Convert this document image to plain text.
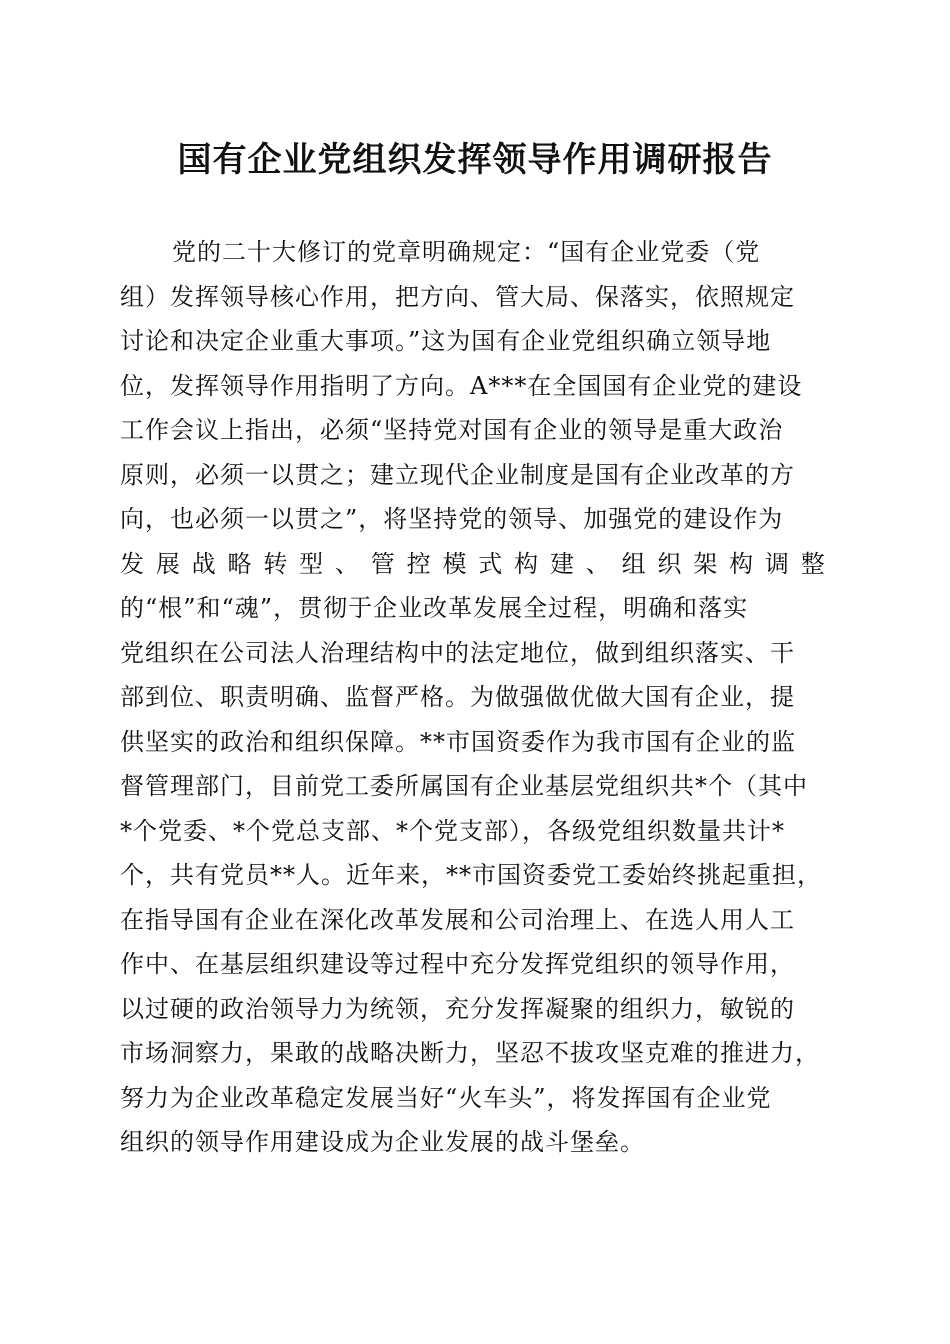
国有企业党组织发挥领导作用调研报告
党的二十大修订的党章明确规定：“国有企业党委（党
组）发挥领导核心作用，把方向、管大局、保落实，依照规定
讨论和决定企业重大事项。”这为国有企业党组织确立领导地
位，发挥领导作用指明了方向。A***在全国国有企业党的建设
工作会议上指出，必须“坚持党对国有企业的领导是重大政治
原则，必须一以贯之；建立现代企业制度是国有企业改革的方
向，也必须一以贯之”，将坚持党的领导、加强党的建设作为
发 展 战 略 转 型 、 管 控 模 式 构 建 、 组 织 架 构 调 整
的“根”和“魂”，贯彻于企业改革发展全过程，明确和落实
党组织在公司法人治理结构中的法定地位，做到组织落实、干
部到位、职责明确、监督严格。为做强做优做大国有企业，提
供坚实的政治和组织保障。**市国资委作为我市国有企业的监
督管理部门，目前党工委所属国有企业基层党组织共*个（其中
*个党委、*个党总支部、*个党支部），各级党组织数量共计*
个，共有党员**人。近年来，**市国资委党工委始终挑起重担，
在指导国有企业在深化改革发展和公司治理上、在选人用人工
作中、在基层组织建设等过程中充分发挥党组织的领导作用，
以过硬的政治领导力为统领，充分发挥凝聚的组织力，敏锐的
市场洞察力，果敢的战略决断力，坚忍不拔攻坚克难的推进力，
努力为企业改革稳定发展当好“火车头”，将发挥国有企业党
组织的领导作用建设成为企业发展的战斗堡垒。
